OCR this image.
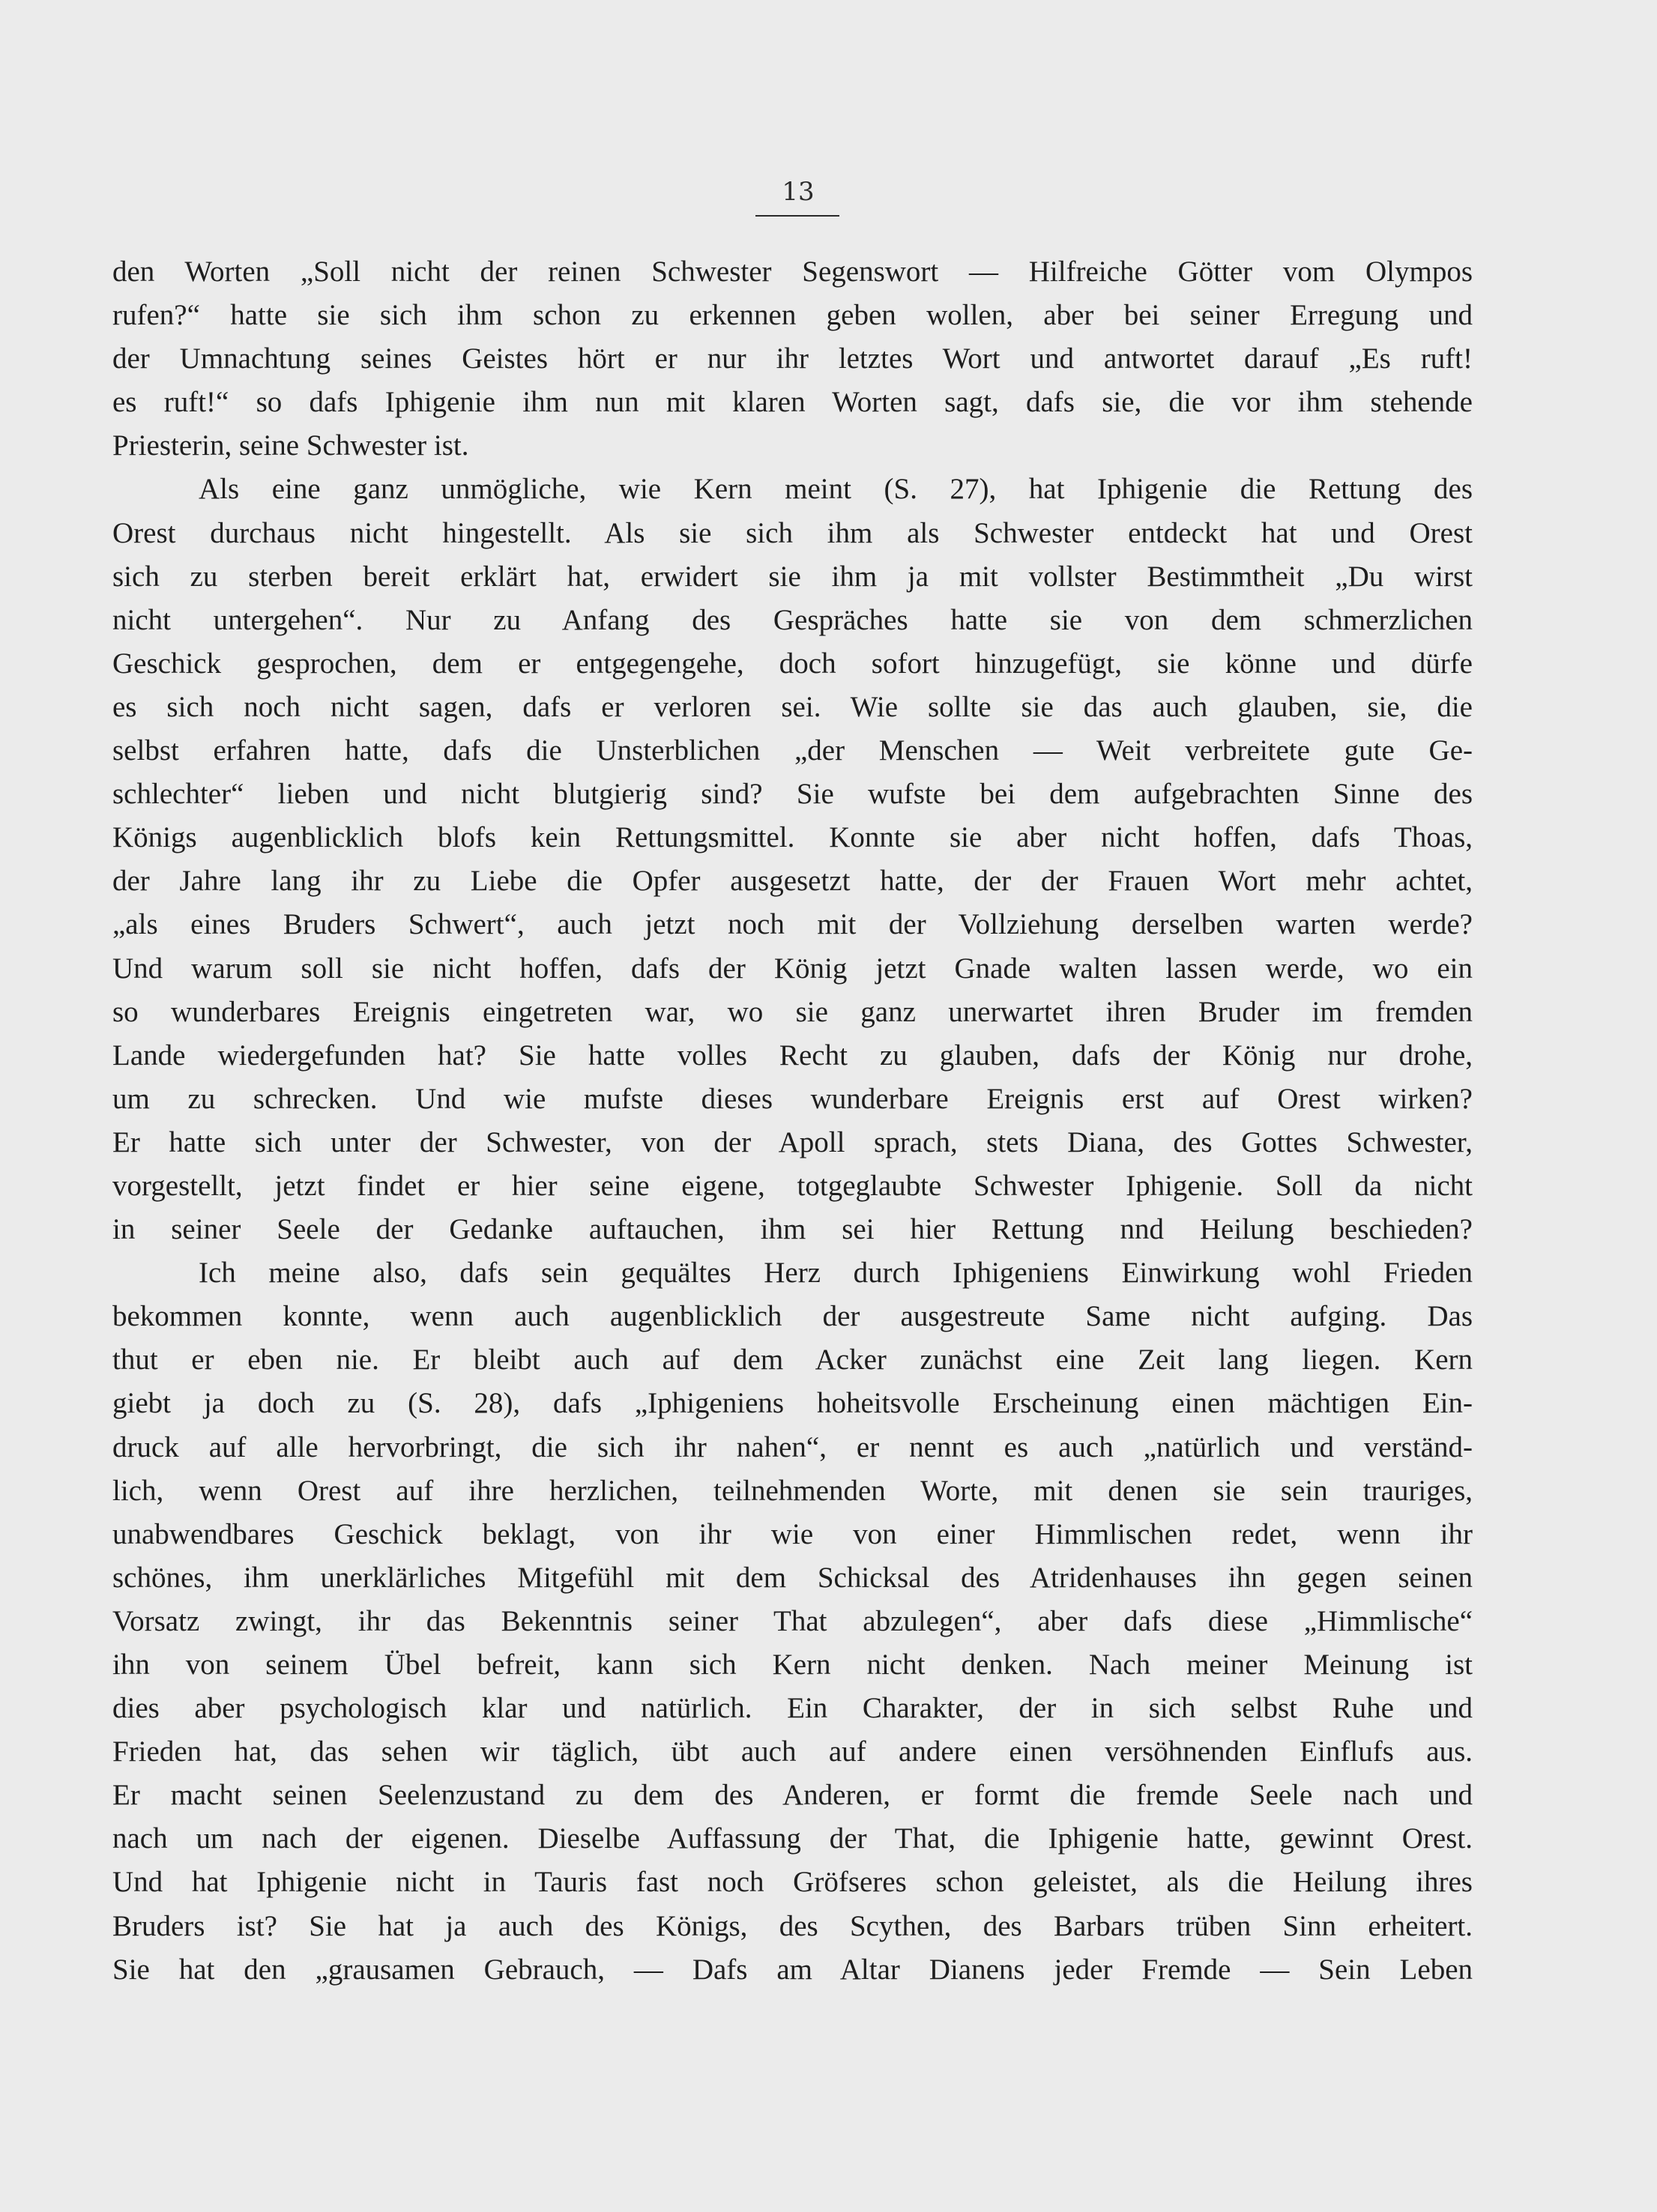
13
den Worten „Soll nicht der reinen Schwester Segenswort — Hilfreiche Götter vom Olympos
rufen?“ hatte sie sich ihm schon zu erkennen geben wollen, aber bei seiner Erregung und
der Umnachtung seines Geistes hört er nur ihr letztes Wort und antwortet darauf „Es ruft!
es ruft!“ so dafs Iphigenie ihm nun mit klaren Worten sagt, dafs sie, die vor ihm stehende
Priesterin, seine Schwester ist.
Als eine ganz unmögliche, wie Kern meint (S. 27), hat Iphigenie die Rettung des
Orest durchaus nicht hingestellt. Als sie sich ihm als Schwester entdeckt hat und Orest
sich zu sterben bereit erklärt hat, erwidert sie ihm ja mit vollster Bestimmtheit „Du wirst
nicht untergehen“. Nur zu Anfang des Gespräches hatte sie von dem schmerzlichen
Geschick gesprochen, dem er entgegengehe, doch sofort hinzugefügt, sie könne und dürfe
es sich noch nicht sagen, dafs er verloren sei. Wie sollte sie das auch glauben, sie, die
selbst erfahren hatte, dafs die Unsterblichen „der Menschen — Weit verbreitete gute Ge-
schlechter“ lieben und nicht blutgierig sind? Sie wufste bei dem aufgebrachten Sinne des
Königs augenblicklich blofs kein Rettungsmittel. Konnte sie aber nicht hoffen, dafs Thoas,
der Jahre lang ihr zu Liebe die Opfer ausgesetzt hatte, der der Frauen Wort mehr achtet,
„als eines Bruders Schwert“, auch jetzt noch mit der Vollziehung derselben warten werde?
Und warum soll sie nicht hoffen, dafs der König jetzt Gnade walten lassen werde, wo ein
so wunderbares Ereignis eingetreten war, wo sie ganz unerwartet ihren Bruder im fremden
Lande wiedergefunden hat? Sie hatte volles Recht zu glauben, dafs der König nur drohe,
um zu schrecken. Und wie mufste dieses wunderbare Ereignis erst auf Orest wirken?
Er hatte sich unter der Schwester, von der Apoll sprach, stets Diana, des Gottes Schwester,
vorgestellt, jetzt findet er hier seine eigene, totgeglaubte Schwester Iphigenie. Soll da nicht
in seiner Seele der Gedanke auftauchen, ihm sei hier Rettung nnd Heilung beschieden?
Ich meine also, dafs sein gequältes Herz durch Iphigeniens Einwirkung wohl Frieden
bekommen konnte, wenn auch augenblicklich der ausgestreute Same nicht aufging. Das
thut er eben nie. Er bleibt auch auf dem Acker zunächst eine Zeit lang liegen. Kern
giebt ja doch zu (S. 28), dafs „Iphigeniens hoheitsvolle Erscheinung einen mächtigen Ein-
druck auf alle hervorbringt, die sich ihr nahen“, er nennt es auch „natürlich und verständ-
lich, wenn Orest auf ihre herzlichen, teilnehmenden Worte, mit denen sie sein trauriges,
unabwendbares Geschick beklagt, von ihr wie von einer Himmlischen redet, wenn ihr
schönes, ihm unerklärliches Mitgefühl mit dem Schicksal des Atridenhauses ihn gegen seinen
Vorsatz zwingt, ihr das Bekenntnis seiner That abzulegen“, aber dafs diese „Himmlische“
ihn von seinem Übel befreit, kann sich Kern nicht denken. Nach meiner Meinung ist
dies aber psychologisch klar und natürlich. Ein Charakter, der in sich selbst Ruhe und
Frieden hat, das sehen wir täglich, übt auch auf andere einen versöhnenden Einflufs aus.
Er macht seinen Seelenzustand zu dem des Anderen, er formt die fremde Seele nach und
nach um nach der eigenen. Dieselbe Auffassung der That, die Iphigenie hatte, gewinnt Orest.
Und hat Iphigenie nicht in Tauris fast noch Gröfseres schon geleistet, als die Heilung ihres
Bruders ist? Sie hat ja auch des Königs, des Scythen, des Barbars trüben Sinn erheitert.
Sie hat den „grausamen Gebrauch, — Dafs am Altar Dianens jeder Fremde — Sein Leben
